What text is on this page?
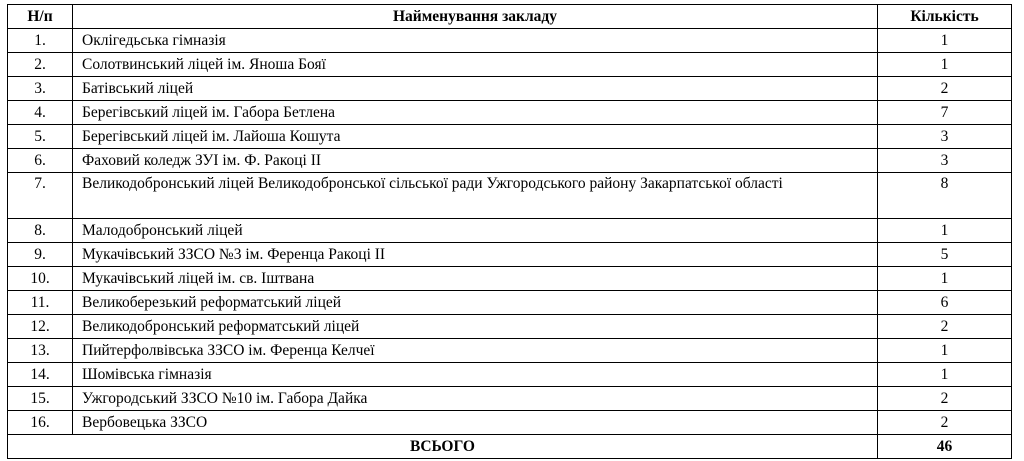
Н/п	Найменування закладу	Кількість
1.	Оклігедьська гімназія	1
2.	Солотвинський ліцей ім. Яноша Бояї	1
3.	Батівський ліцей	2
4.	Берегівський ліцей ім. Габора Бетлена	7
5.	Берегівський ліцей ім. Лайоша Кошута	3
6.	Фаховий коледж ЗУІ ім. Ф. Ракоці ІІ	3
7.	Великодобронський ліцей Великодобронської сільської ради Ужгородського району Закарпатської області	8
8.	Малодобронський ліцей	1
9.	Мукачівський ЗЗСО №3 ім. Ференца Ракоці ІІ	5
10.	Мукачівський ліцей ім. св. Іштвана	1
11.	Великоберезький реформатський ліцей	6
12.	Великодобронський реформатський ліцей	2
13.	Пийтерфолвівська ЗЗСО ім. Ференца Келчеї	1
14.	Шомівська гімназія	1
15.	Ужгородський ЗЗСО №10 ім. Габора Дайка	2
16.	Вербовецька ЗЗСО	2
ВСЬОГО		46
